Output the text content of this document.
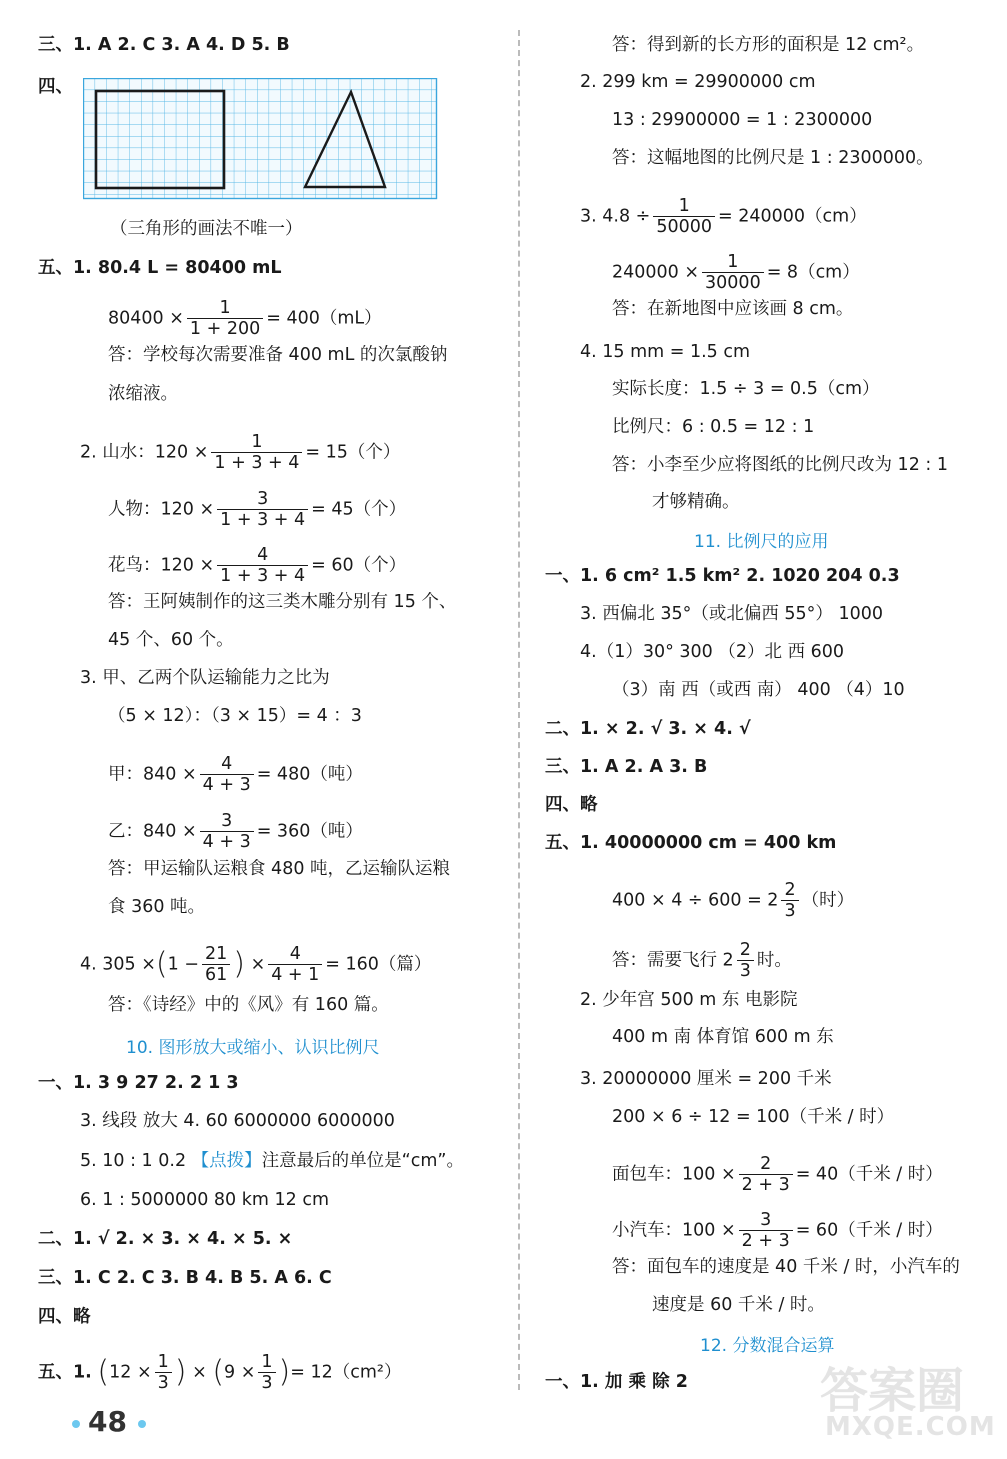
三、1. A 2. C 3. A 4. D 5. B
四、
（三角形的画法不唯一）
五、1. 80.4 L = 80400 mL
$80400 \times \frac{1}{1 + 200} = 400(mL)$
答：学校每次需要准备 400 mL 的次氯酸钠
浓缩液。
2. 山水：$120 \times \frac{1}{1 + 3 + 4} = 15$（个）
人物：$120 \times \frac{3}{1 + 3 + 4} = 45$（个）
花鸟：$120 \times \frac{4}{1 + 3 + 4} = 60$（个）
答：王阿姨制作的这三类木雕分别有 15 个、
45 个、60 个。
3. 甲、乙两个队运输能力之比为
（5 × 12）：（3 × 15）= 4 ：3
甲：$840 \times \frac{4}{4 + 3} = 480$（吨）
乙：$840 \times \frac{3}{4 + 3} = 360$（吨）
答：甲运输队运粮食 480 吨，乙运输队运粮
食 360 吨。
4. $305 \times(1 - \frac{21}{61}$ ) × $\frac{4}{4 + 1} = 160$（篇）
答：《诗经》中的《风》有 160 篇。
10. 图形放大或缩小、认识比例尺
一、1. 3 9 27 2. 2 1 3
3. 线段 放大 4. 60 6000000 6000000
5. 10 : 1 0.2 【点拨】注意最后的单位是“cm”。
6. 1 : 5000000 80 km 12 cm
二、1. √ 2. × 3. × 4. × 5. ×
三、1. C 2. C 3. B 4. B 5. A 6. C
四、略
五、1. ($12 \times \frac{1}{3}$ ) × ($9 \times \frac{1}{3}$ )= 12（cm²）
答：得到新的长方形的面积是 12 cm²。
2. 299 km = 29900000 cm
13 : 29900000 = 1 : 2300000
答：这幅地图的比例尺是 1 : 2300000。
3. $4.8 \div \frac{1}{50000} = 240000(cm)$
$240000 \times \frac{1}{30000} = 8(cm)$
答：在新地图中应该画 8 cm。
4. 15 mm = 1.5 cm
实际长度：1.5 ÷ 3 = 0.5（cm）
比例尺：6 : 0.5 = 12 : 1
答：小李至少应将图纸的比例尺改为 12 : 1
才够精确。
11. 比例尺的应用
一、1. 6 cm² 1.5 km² 2. 1020 204 0.3
3. 西偏北 35°（或北偏西 55°） 1000
4.（1）30° 300 （2）北 西 600
（3）南 西（或西 南） 400 （4）10
二、1. × 2. √ 3. × 4. √
三、1. A 2. A 3. B
四、略
五、1. 40000000 cm = 400 km
$400 \times 4 \div 600 = 2 \frac{2}{3}$ （时）
答：需要飞行 $2 \frac{2}{3}$ 时。
2. 少年宫 500 m 东 电影院
400 m 南 体育馆 600 m 东
3. 20000000 厘米 = 200 千米
200 × 6 ÷ 12 = 100（千米 / 时）
面包车：$100 \times \frac{2}{2 + 3} = 40$（千米 / 时）
小汽车：$100 \times \frac{3}{2 + 3} = 60$（千米 / 时）
答：面包车的速度是 40 千米 / 时，小汽车的
速度是 60 千米 / 时。
12. 分数混合运算
一、1. 加 乘 除 2
48
答案圈
MXQE.COM
